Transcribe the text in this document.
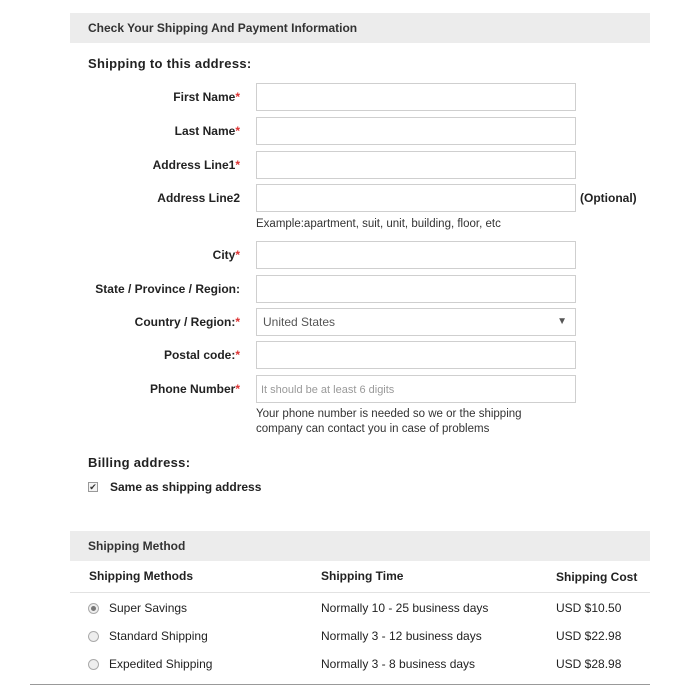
Check Your Shipping And Payment Information
Shipping to this address:
First Name*
Last Name*
Address Line1*
Address Line2	(Optional)
Example:apartment, suit, unit, building, floor, etc
City*
State / Province / Region:
Country / Region:*	United States	▼
Postal code:*
Phone Number*
It should be at least 6 digits
Your phone number is needed so we or the shipping
company can contact you in case of problems
Billing address:
✔ Same as shipping address
Shipping Method
Shipping Methods	Shipping Time	Shipping Cost
Super Savings	Normally 10 - 25 business days	USD $10.50
Standard Shipping	Normally 3 - 12 business days	USD $22.98
Expedited Shipping	Normally 3 - 8 business days	USD $28.98
